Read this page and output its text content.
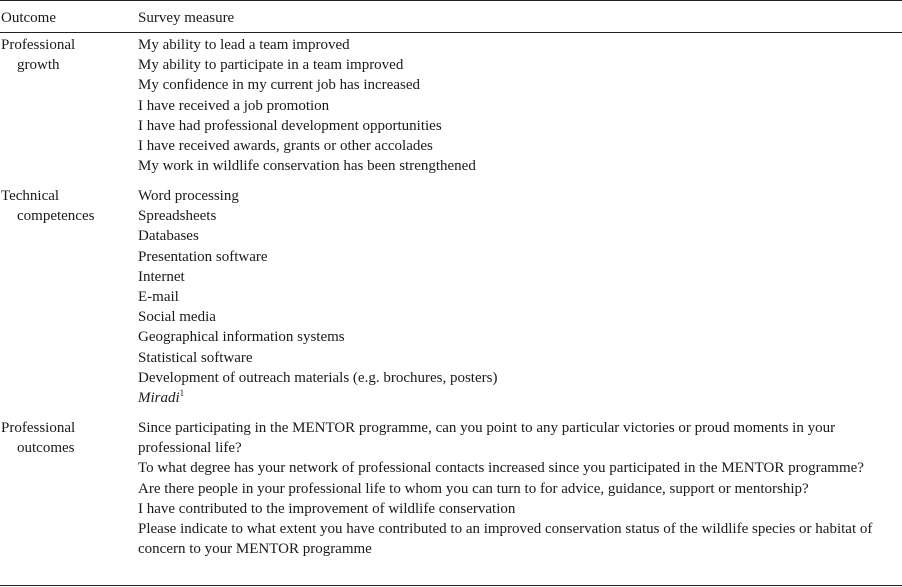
Outcome	Survey measure
Professional
growth
My ability to lead a team improved
My ability to participate in a team improved
My confidence in my current job has increased
I have received a job promotion
I have had professional development opportunities
I have received awards, grants or other accolades
My work in wildlife conservation has been strengthened
Technical
competences
Word processing
Spreadsheets
Databases
Presentation software
Internet
E-mail
Social media
Geographical information systems
Statistical software
Development of outreach materials (e.g. brochures, posters)
Miradi$^1$
Professional
outcomes
Since participating in the MENTOR programme, can you point to any particular victories or proud moments in your professional life?
To what degree has your network of professional contacts increased since you participated in the MENTOR programme?
Are there people in your professional life to whom you can turn to for advice, guidance, support or mentorship?
I have contributed to the improvement of wildlife conservation
Please indicate to what extent you have contributed to an improved conservation status of the wildlife species or habitat of concern to your MENTOR programme
